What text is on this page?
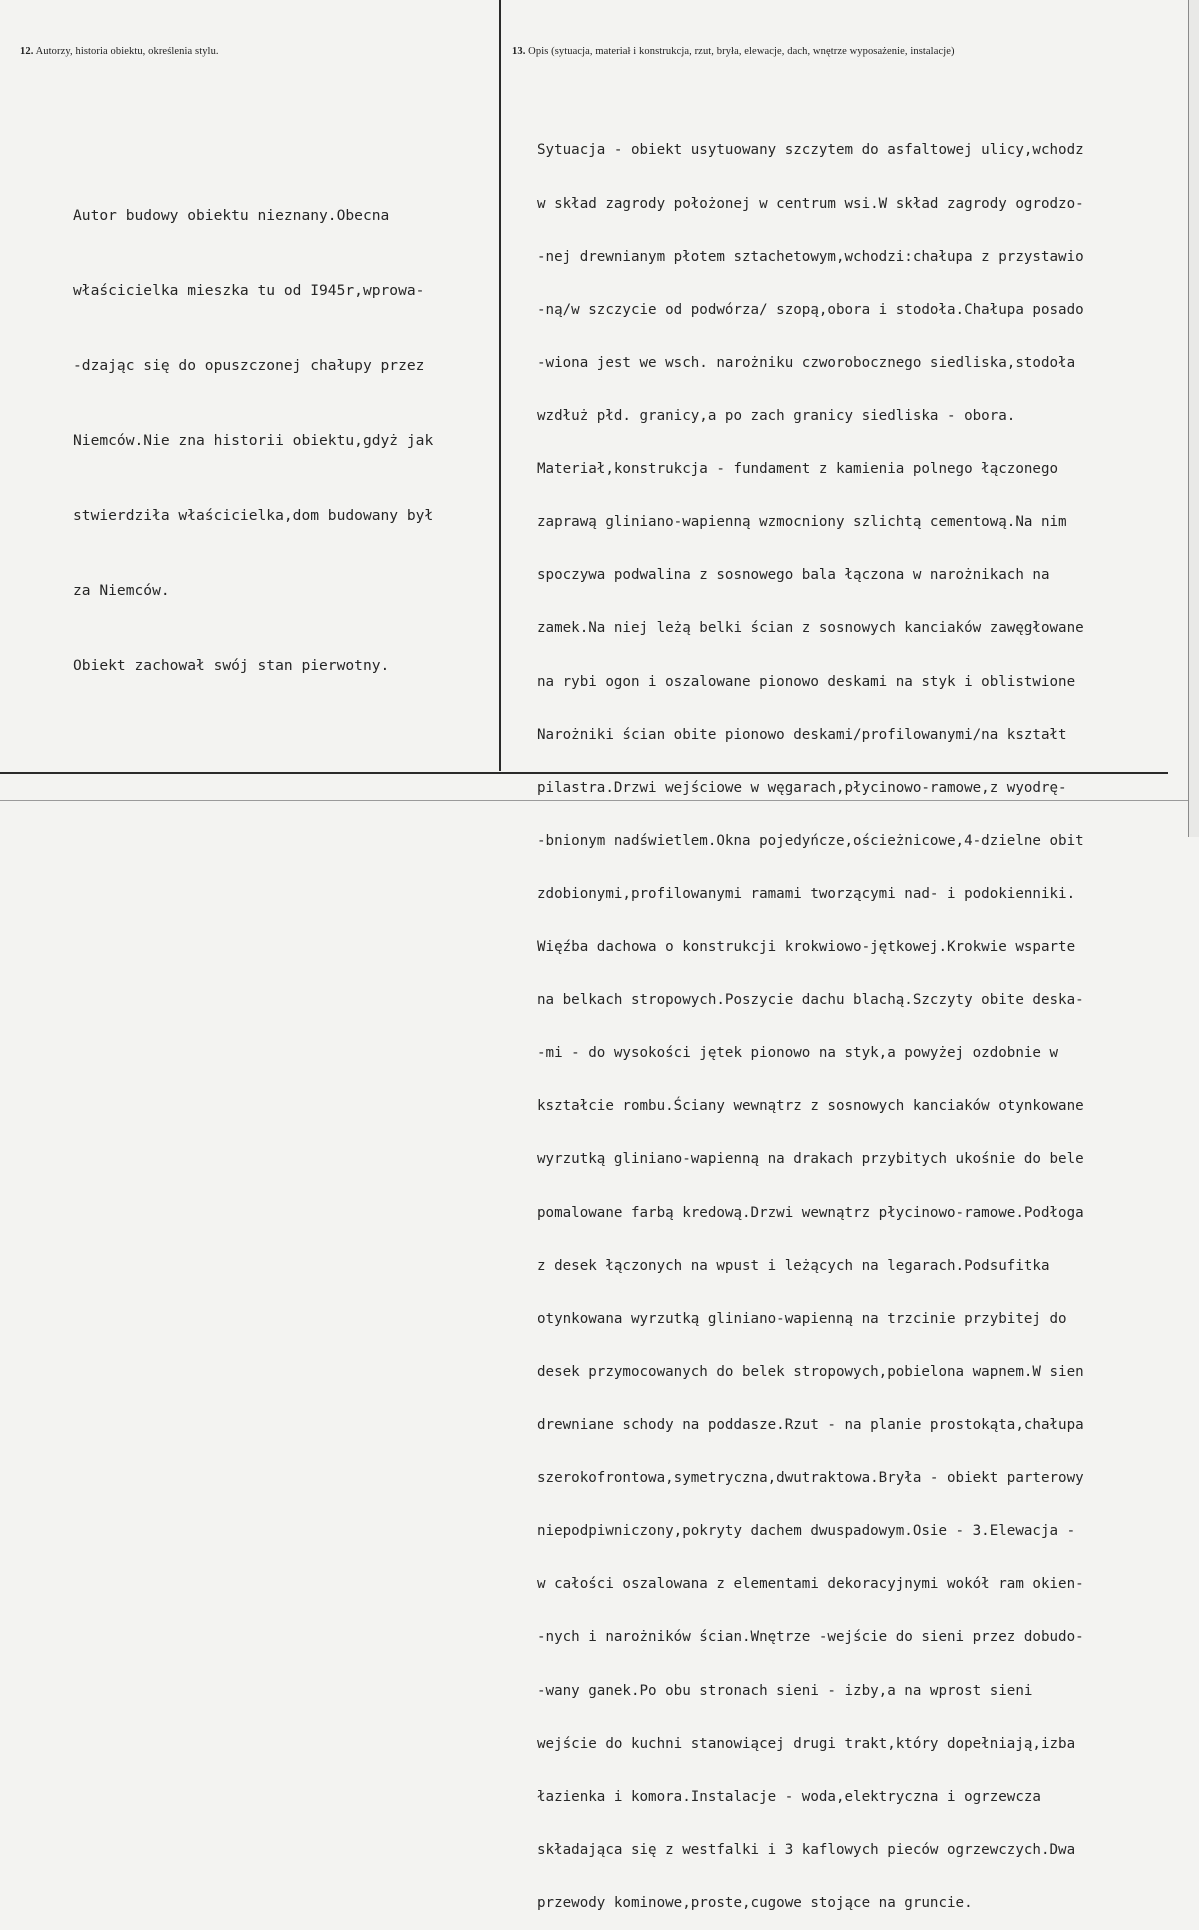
12. Autorzy, historia obiektu, określenia stylu.	13. Opis (sytuacja, materiał i konstrukcja, rzut, bryła, elewacje, dach, wnętrze wyposażenie, instalacje)

Autor budowy obiektu nieznany.Obecna

właścicielka mieszka tu od I945r,wprowa-

-dzając się do opuszczonej chałupy przez

Niemców.Nie zna historii obiektu,gdyż jak

stwierdziła właścicielka,dom budowany był

za Niemców.

Obiekt zachował swój stan pierwotny.

Sytuacja - obiekt usytuowany szczytem do asfaltowej ulicy,wchodz

w skład zagrody położonej w centrum wsi.W skład zagrody ogrodzo-

-nej drewnianym płotem sztachetowym,wchodzi:chałupa z przystawio

-ną/w szczycie od podwórza/ szopą,obora i stodoła.Chałupa posado

-wiona jest we wsch. narożniku czworobocznego siedliska,stodoła

wzdłuż płd. granicy,a po zach granicy siedliska - obora.

Materiał,konstrukcja - fundament z kamienia polnego łączonego

zaprawą gliniano-wapienną wzmocniony szlichtą cementową.Na nim

spoczywa podwalina z sosnowego bala łączona w narożnikach na

zamek.Na niej leżą belki ścian z sosnowych kanciaków zawęgłowane

na rybi ogon i oszalowane pionowo deskami na styk i oblistwione

Narożniki ścian obite pionowo deskami/profilowanymi/na kształt

pilastra.Drzwi wejściowe w węgarach,płycinowo-ramowe,z wyodrę-

-bnionym nadświetlem.Okna pojedyńcze,ościeżnicowe,4-dzielne obit

zdobionymi,profilowanymi ramami tworzącymi nad- i podokienniki.

Więźba dachowa o konstrukcji krokwiowo-jętkowej.Krokwie wsparte

na belkach stropowych.Poszycie dachu blachą.Szczyty obite deska-

-mi - do wysokości jętek pionowo na styk,a powyżej ozdobnie w

kształcie rombu.Ściany wewnątrz z sosnowych kanciaków otynkowane

wyrzutką gliniano-wapienną na drakach przybitych ukośnie do bele

pomalowane farbą kredową.Drzwi wewnątrz płycinowo-ramowe.Podłoga

z desek łączonych na wpust i leżących na legarach.Podsufitka

otynkowana wyrzutką gliniano-wapienną na trzcinie przybitej do

desek przymocowanych do belek stropowych,pobielona wapnem.W sien

drewniane schody na poddasze.Rzut - na planie prostokąta,chałupa

szerokofrontowa,symetryczna,dwutraktowa.Bryła - obiekt parterowy

niepodpiwniczony,pokryty dachem dwuspadowym.Osie - 3.Elewacja -

w całości oszalowana z elementami dekoracyjnymi wokół ram okien-

-nych i narożników ścian.Wnętrze -wejście do sieni przez dobudo-

-wany ganek.Po obu stronach sieni - izby,a na wprost sieni

wejście do kuchni stanowiącej drugi trakt,który dopełniają,izba

łazienka i komora.Instalacje - woda,elektryczna i ogrzewcza

składająca się z westfalki i 3 kaflowych pieców ogrzewczych.Dwa

przewody kominowe,proste,cugowe stojące na gruncie.
